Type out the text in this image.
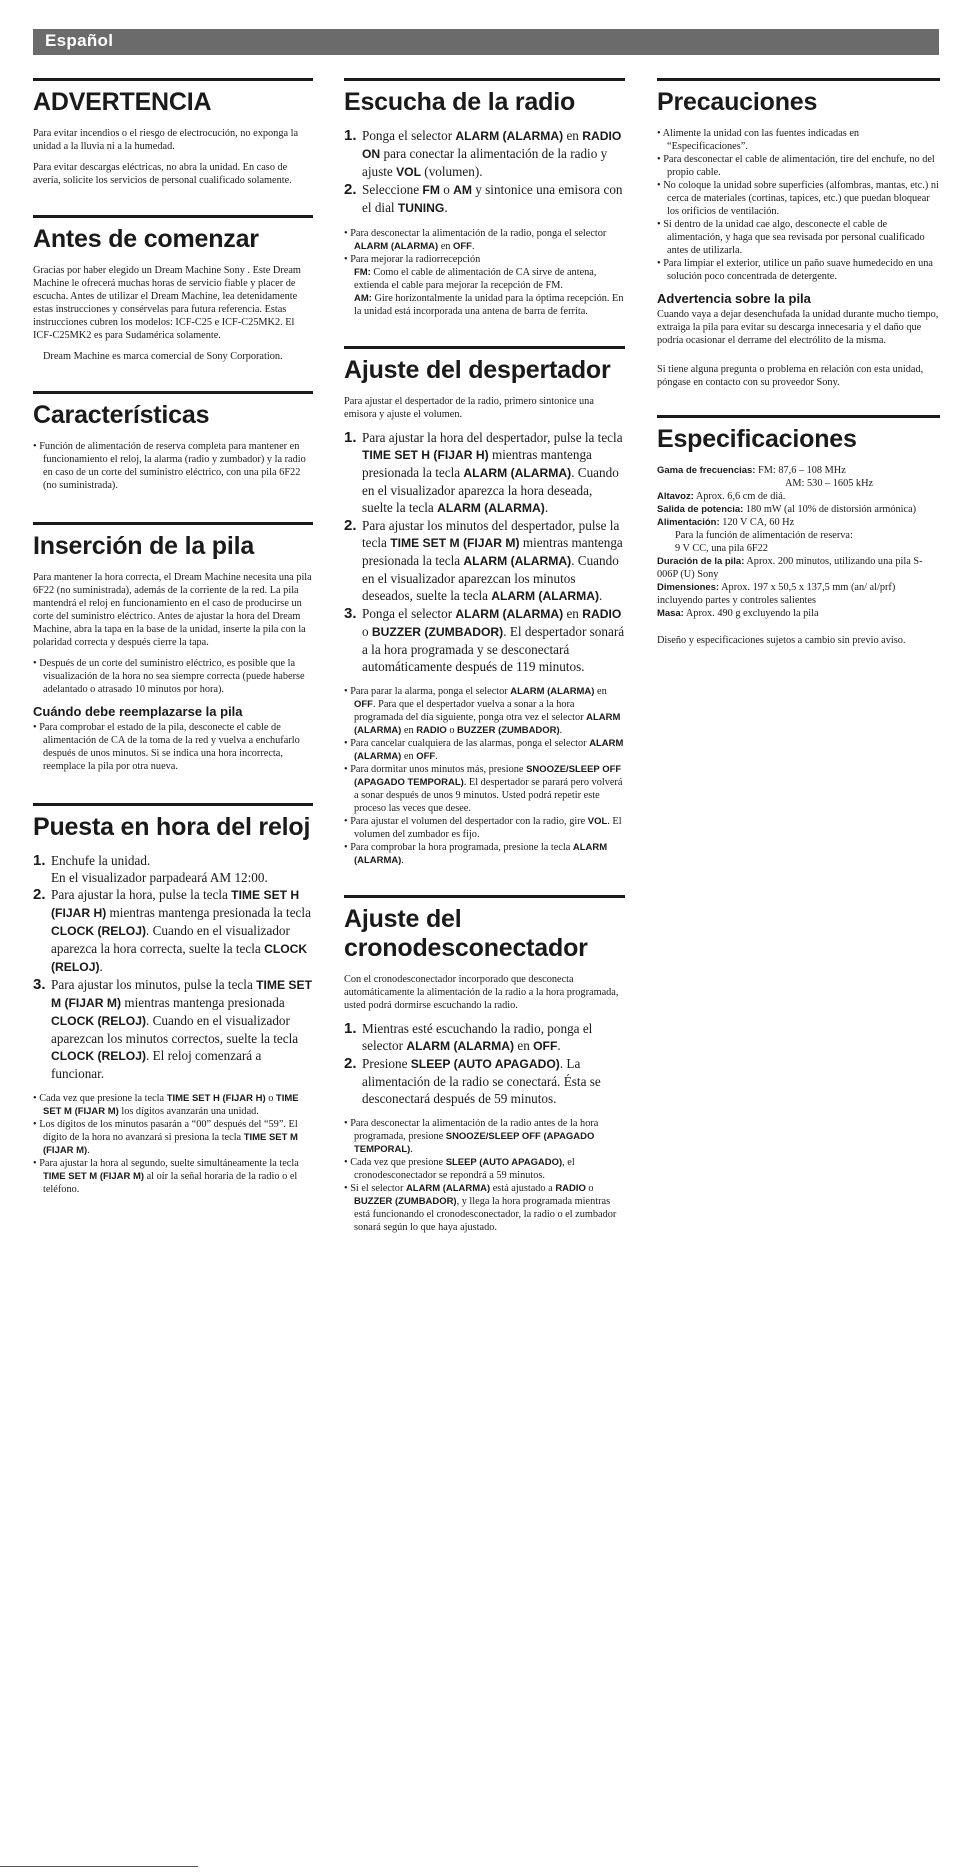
Español
ADVERTENCIA

Para evitar incendios o el riesgo de electrocución, no exponga la unidad a la lluvia ni a la humedad.

Para evitar descargas eléctricas, no abra la unidad. En caso de avería, solicite los servicios de personal cualificado solamente.

Antes de comenzar

Gracias por haber elegido un Dream Machine Sony . Este Dream Machine le ofrecerá muchas horas de servicio fiable y placer de escucha. Antes de utilizar el Dream Machine, lea detenidamente estas instrucciones y consérvelas para futura referencia. Estas instrucciones cubren los modelos: ICF-C25 e ICF-C25MK2. El ICF-C25MK2 es para Sudamérica solamente.

Dream Machine es marca comercial de Sony Corporation.

Características
• Función de alimentación de reserva completa para mantener en funcionamiento el reloj, la alarma (radio y zumbador) y la radio en caso de un corte del suministro eléctrico, con una pila 6F22 (no suministrada).
Inserción de la pila

Para mantener la hora correcta, el Dream Machine necesita una pila 6F22 (no suministrada), además de la corriente de la red. La pila mantendrá el reloj en funcionamiento en el caso de producirse un corte del suministro eléctrico. Antes de ajustar la hora del Dream Machine, abra la tapa en la base de la unidad, inserte la pila con la polaridad correcta y después cierre la tapa.

• Después de un corte del suministro eléctrico, es posible que la visualización de la hora no sea siempre correcta (puede haberse adelantado o atrasado 10 minutos por hora).
Cuándo debe reemplazarse la pila
• Para comprobar el estado de la pila, desconecte el cable de alimentación de CA de la toma de la red y vuelva a enchufarlo después de unos minutos. Si se indica una hora incorrecta, reemplace la pila por otra nueva.
Puesta en hora del reloj
1. Enchufe la unidad.
En el visualizador parpadeará AM 12:00.
2. Para ajustar la hora, pulse la tecla TIME SET H (FIJAR H) mientras mantenga presionada la tecla CLOCK (RELOJ). Cuando en el visualizador aparezca la hora correcta, suelte la tecla CLOCK (RELOJ).
3. Para ajustar los minutos, pulse la tecla TIME SET M (FIJAR M) mientras mantenga presionada CLOCK (RELOJ). Cuando en el visualizador aparezcan los minutos correctos, suelte la tecla CLOCK (RELOJ). El reloj comenzará a funcionar.
• Cada vez que presione la tecla TIME SET H (FIJAR H) o TIME SET M (FIJAR M) los dígitos avanzarán una unidad.
• Los dígitos de los minutos pasarán a “00” después del “59”. El dígito de la hora no avanzará si presiona la tecla TIME SET M (FIJAR M).
• Para ajustar la hora al segundo, suelte simultáneamente la tecla TIME SET M (FIJAR M) al oír la señal horaria de la radio o el teléfono.
Escucha de la radio
1. Ponga el selector ALARM (ALARMA) en RADIO ON para conectar la alimentación de la radio y ajuste VOL (volumen).
2. Seleccione FM o AM y sintonice una emisora con el dial TUNING.
• Para desconectar la alimentación de la radio, ponga el selector ALARM (ALARMA) en OFF.
• Para mejorar la radiorrecepción
FM: Como el cable de alimentación de CA sirve de antena, extienda el cable para mejorar la recepción de FM.
AM: Gire horizontalmente la unidad para la óptima recepción. En la unidad está incorporada una antena de barra de ferrita.
Ajuste del despertador

Para ajustar el despertador de la radio, primero sintonice una emisora y ajuste el volumen.

1. Para ajustar la hora del despertador, pulse la tecla TIME SET H (FIJAR H) mientras mantenga presionada la tecla ALARM (ALARMA). Cuando en el visualizador aparezca la hora deseada, suelte la tecla ALARM (ALARMA).
2. Para ajustar los minutos del despertador, pulse la tecla TIME SET M (FIJAR M) mientras mantenga presionada la tecla ALARM (ALARMA). Cuando en el visualizador aparezcan los minutos deseados, suelte la tecla ALARM (ALARMA).
3. Ponga el selector ALARM (ALARMA) en RADIO o BUZZER (ZUMBADOR). El despertador sonará a la hora programada y se desconectará automáticamente después de 119 minutos.
• Para parar la alarma, ponga el selector ALARM (ALARMA) en OFF. Para que el despertador vuelva a sonar a la hora programada del día siguiente, ponga otra vez el selector ALARM (ALARMA) en RADIO o BUZZER (ZUMBADOR).
• Para cancelar cualquiera de las alarmas, ponga el selector ALARM (ALARMA) en OFF.
• Para dormitar unos minutos más, presione SNOOZE/SLEEP OFF (APAGADO TEMPORAL). El despertador se parará pero volverá a sonar después de unos 9 minutos. Usted podrá repetir este proceso las veces que desee.
• Para ajustar el volumen del despertador con la radio, gire VOL. El volumen del zumbador es fijo.
• Para comprobar la hora programada, presione la tecla ALARM (ALARMA).
Ajuste del cronodesconectador

Con el cronodesconectador incorporado que desconecta automáticamente la alimentación de la radio a la hora programada, usted podrá dormirse escuchando la radio.

1. Mientras esté escuchando la radio, ponga el selector ALARM (ALARMA) en OFF.
2. Presione SLEEP (AUTO APAGADO). La alimentación de la radio se conectará. Ésta se desconectará después de 59 minutos.
• Para desconectar la alimentación de la radio antes de la hora programada, presione SNOOZE/SLEEP OFF (APAGADO TEMPORAL).
• Cada vez que presione SLEEP (AUTO APAGADO), el cronodesconectador se repondrá a 59 minutos.
• Si el selector ALARM (ALARMA) está ajustado a RADIO o BUZZER (ZUMBADOR), y llega la hora programada mientras está funcionando el cronodesconectador, la radio o el zumbador sonará según lo que haya ajustado.
Precauciones
• Alimente la unidad con las fuentes indicadas en “Especificaciones”.
• Para desconectar el cable de alimentación, tire del enchufe, no del propio cable.
• No coloque la unidad sobre superficies (alfombras, mantas, etc.) ni cerca de materiales (cortinas, tapices, etc.) que puedan bloquear los orificios de ventilación.
• Si dentro de la unidad cae algo, desconecte el cable de alimentación, y haga que sea revisada por personal cualificado antes de utilizarla.
• Para limpiar el exterior, utilice un paño suave humedecido en una solución poco concentrada de detergente.
Advertencia sobre la pila

Cuando vaya a dejar desenchufada la unidad durante mucho tiempo, extraiga la pila para evitar su descarga innecesaria y el daño que podría ocasionar el derrame del electrólito de la misma.

Si tiene alguna pregunta o problema en relación con esta unidad, póngase en contacto con su proveedor Sony.

Especificaciones

Gama de frecuencias: FM: 87,6 – 108 MHz
AM: 530 – 1605 kHz

Altavoz: Aprox. 6,6 cm de diá.

Salida de potencia: 180 mW (al 10% de distorsión armónica)

Alimentación: 120 V CA, 60 Hz
Para la función de alimentación de reserva:
9 V CC, una pila 6F22

Duración de la pila: Aprox. 200 minutos, utilizando una pila S-006P (U) Sony

Dimensiones: Aprox. 197 x 50,5 x 137,5 mm (an/ al/prf) incluyendo partes y controles salientes

Masa: Aprox. 490 g excluyendo la pila

Diseño y especificaciones sujetos a cambio sin previo aviso.
